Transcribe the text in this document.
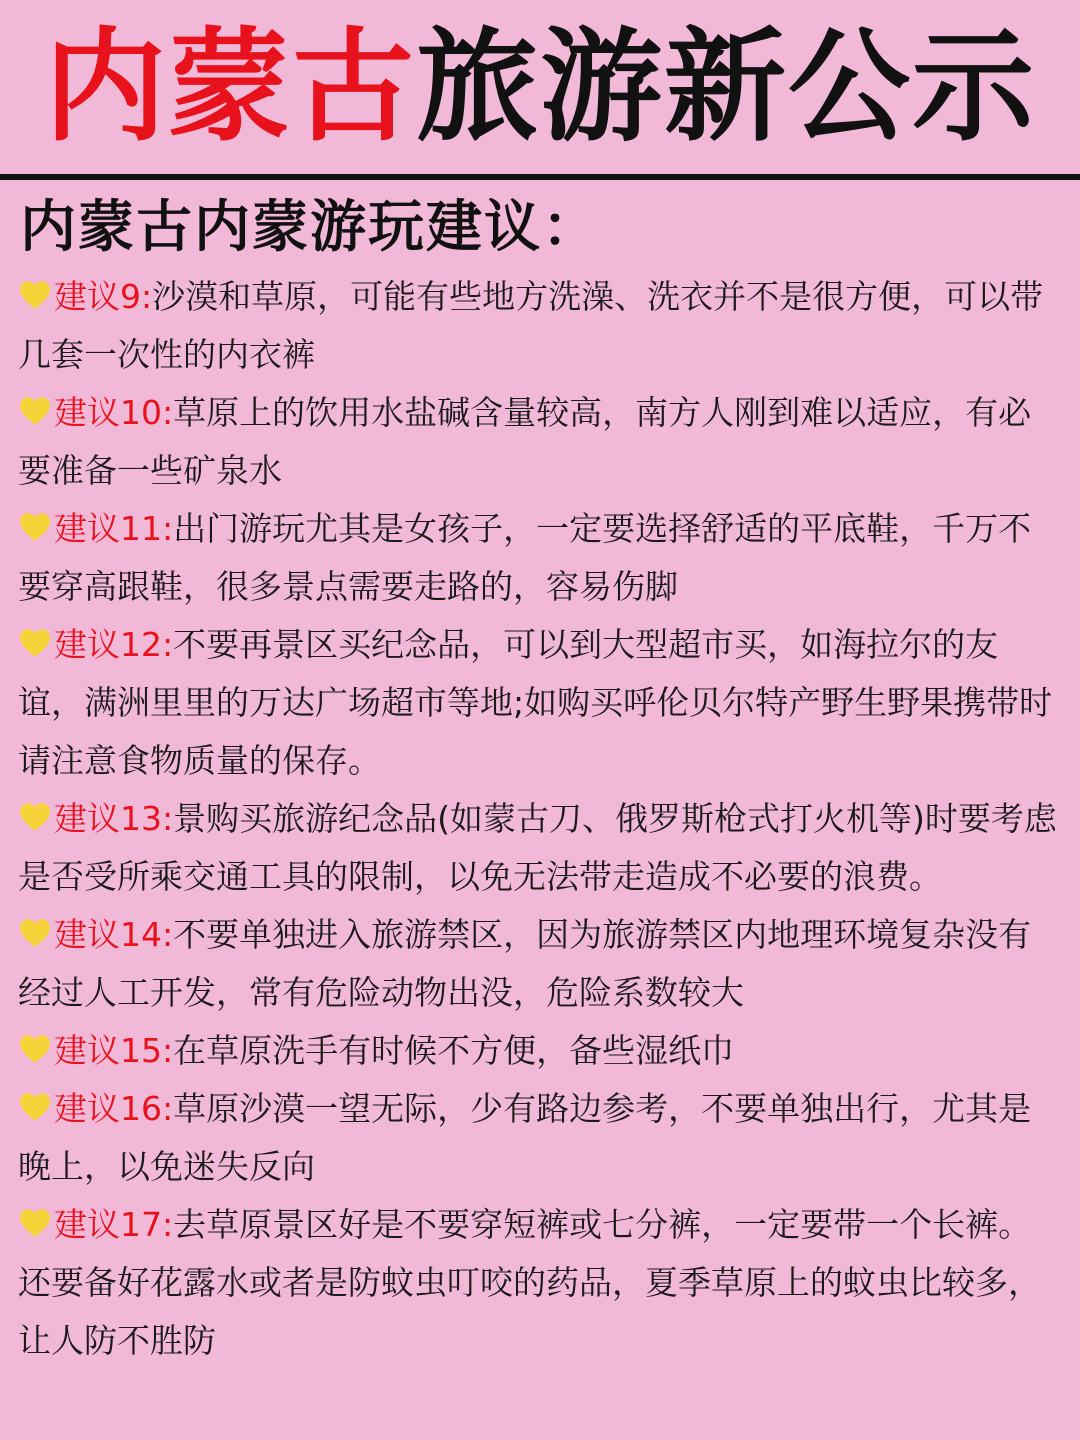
内蒙古旅游新公示
内蒙古内蒙游玩建议：
建议9:沙漠和草原，可能有些地方洗澡、洗衣并不是很方便，可以带几套一次性的内衣裤
建议10:草原上的饮用水盐碱含量较高，南方人刚到难以适应，有必要准备一些矿泉水
建议11:出门游玩尤其是女孩子，一定要选择舒适的平底鞋，千万不要穿高跟鞋，很多景点需要走路的，容易伤脚
建议12:不要再景区买纪念品，可以到大型超市买，如海拉尔的友谊，满洲里里的万达广场超市等地;如购买呼伦贝尔特产野生野果携带时请注意食物质量的保存。
建议13:景购买旅游纪念品(如蒙古刀、俄罗斯枪式打火机等)时要考虑是否受所乘交通工具的限制，以免无法带走造成不必要的浪费。
建议14:不要单独进入旅游禁区，因为旅游禁区内地理环境复杂没有经过人工开发，常有危险动物出没，危险系数较大
建议15:在草原洗手有时候不方便，备些湿纸巾
建议16:草原沙漠一望无际，少有路边参考，不要单独出行，尤其是晚上，以免迷失反向
建议17:去草原景区好是不要穿短裤或七分裤，一定要带一个长裤。还要备好花露水或者是防蚊虫叮咬的药品，夏季草原上的蚊虫比较多，让人防不胜防
